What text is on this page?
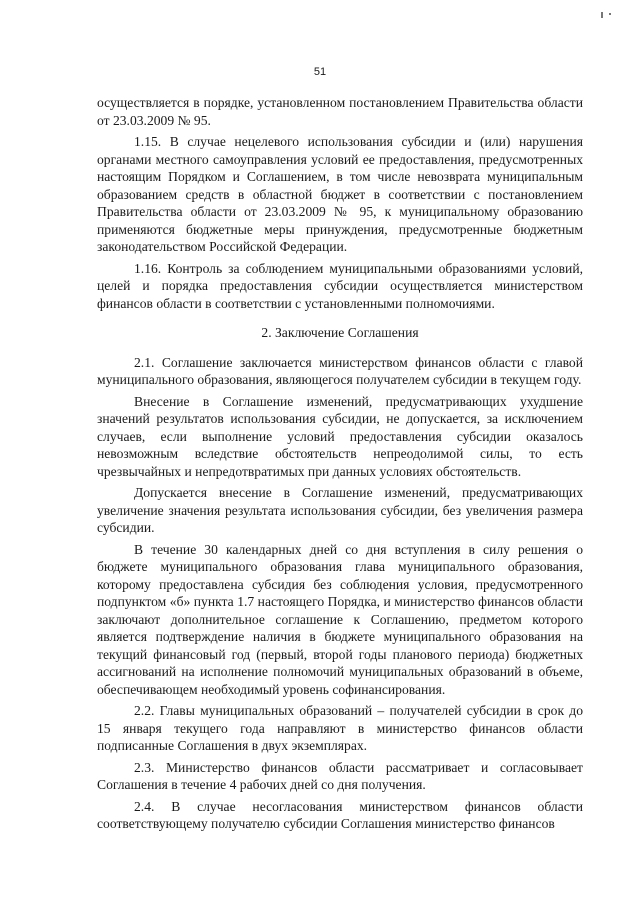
51

осуществляется в порядке, установленном постановлением Правительства области от 23.03.2009 № 95.

1.15. В случае нецелевого использования субсидии и (или) нарушения органами местного самоуправления условий ее предоставления, предусмотренных настоящим Порядком и Соглашением, в том числе невозврата муниципальным образованием средств в областной бюджет в соответствии с постановлением Правительства области от 23.03.2009 № 95, к муниципальному образованию применяются бюджетные меры принуждения, предусмотренные бюджетным законодательством Российской Федерации.

1.16. Контроль за соблюдением муниципальными образованиями условий, целей и порядка предоставления субсидии осуществляется министерством финансов области в соответствии с установленными полномочиями.

2. Заключение Соглашения

2.1. Соглашение заключается министерством финансов области с главой муниципального образования, являющегося получателем субсидии в текущем году.

Внесение в Соглашение изменений, предусматривающих ухудшение значений результатов использования субсидии, не допускается, за исключением случаев, если выполнение условий предоставления субсидии оказалось невозможным вследствие обстоятельств непреодолимой силы, то есть чрезвычайных и непредотвратимых при данных условиях обстоятельств.

Допускается внесение в Соглашение изменений, предусматривающих увеличение значения результата использования субсидии, без увеличения размера субсидии.

В течение 30 календарных дней со дня вступления в силу решения о бюджете муниципального образования глава муниципального образования, которому предоставлена субсидия без соблюдения условия, предусмотренного подпунктом «б» пункта 1.7 настоящего Порядка, и министерство финансов области заключают дополнительное соглашение к Соглашению, предметом которого является подтверждение наличия в бюджете муниципального образования на текущий финансовый год (первый, второй годы планового периода) бюджетных ассигнований на исполнение полномочий муниципальных образований в объеме, обеспечивающем необходимый уровень софинансирования.

2.2. Главы муниципальных образований – получателей субсидии в срок до 15 января текущего года направляют в министерство финансов области подписанные Соглашения в двух экземплярах.

2.3. Министерство финансов области рассматривает и согласовывает Соглашения в течение 4 рабочих дней со дня получения.

2.4. В случае несогласования министерством финансов области соответствующему получателю субсидии Соглашения министерство финансов
